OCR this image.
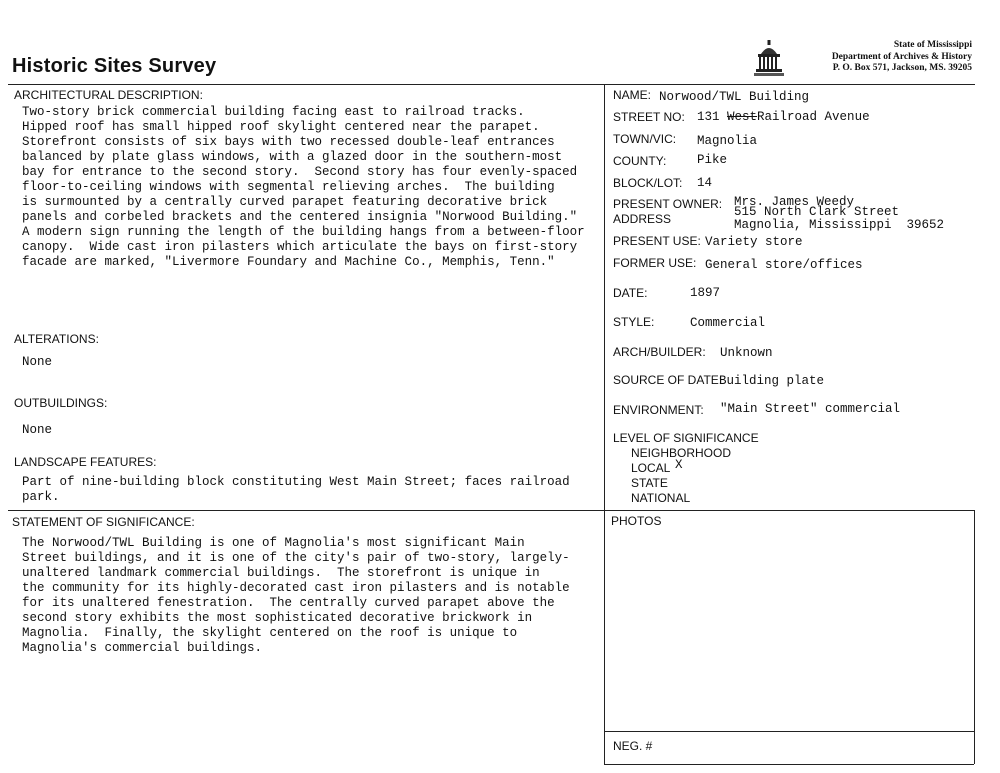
Historic Sites Survey
State of Mississippi
Department of Archives & History
P. O. Box 571, Jackson, MS. 39205
ARCHITECTURAL DESCRIPTION:
Two-story brick commercial building facing east to railroad tracks.
Hipped roof has small hipped roof skylight centered near the parapet.
Storefront consists of six bays with two recessed double-leaf entrances
balanced by plate glass windows, with a glazed door in the southern-most
bay for entrance to the second story.  Second story has four evenly-spaced
floor-to-ceiling windows with segmental relieving arches.  The building
is surmounted by a centrally curved parapet featuring decorative brick
panels and corbeled brackets and the centered insignia "Norwood Building."
A modern sign running the length of the building hangs from a between-floor
canopy.  Wide cast iron pilasters which articulate the bays on first-story
facade are marked, "Livermore Foundary and Machine Co., Memphis, Tenn."
ALTERATIONS:
None
OUTBUILDINGS:
None
LANDSCAPE FEATURES:
Part of nine-building block constituting West Main Street; faces railroad
park.
STATEMENT OF SIGNIFICANCE:
The Norwood/TWL Building is one of Magnolia's most significant Main
Street buildings, and it is one of the city's pair of two-story, largely-
unaltered landmark commercial buildings.  The storefront is unique in
the community for its highly-decorated cast iron pilasters and is notable
for its unaltered fenestration.  The centrally curved parapet above the
second story exhibits the most sophisticated decorative brickwork in
Magnolia.  Finally, the skylight centered on the roof is unique to
Magnolia's commercial buildings.
NAME: Norwood/TWL Building
STREET NO: 131 WestRailroad Avenue
TOWN/VIC: Magnolia
COUNTY: Pike
BLOCK/LOT: 14
PRESENT OWNER:
ADDRESS
Mrs. James Weedy
515 North Clark Street
Magnolia, Mississippi  39652
PRESENT USE: Variety store
FORMER USE: General store/offices
DATE:	1897
STYLE:	Commercial
ARCH/BUILDER: Unknown
SOURCE OF DATE:
Building plate
ENVIRONMENT: "Main Street" commercial
LEVEL OF SIGNIFICANCE
NEIGHBORHOOD
LOCAL X
STATE
NATIONAL
PHOTOS
NEG. #
